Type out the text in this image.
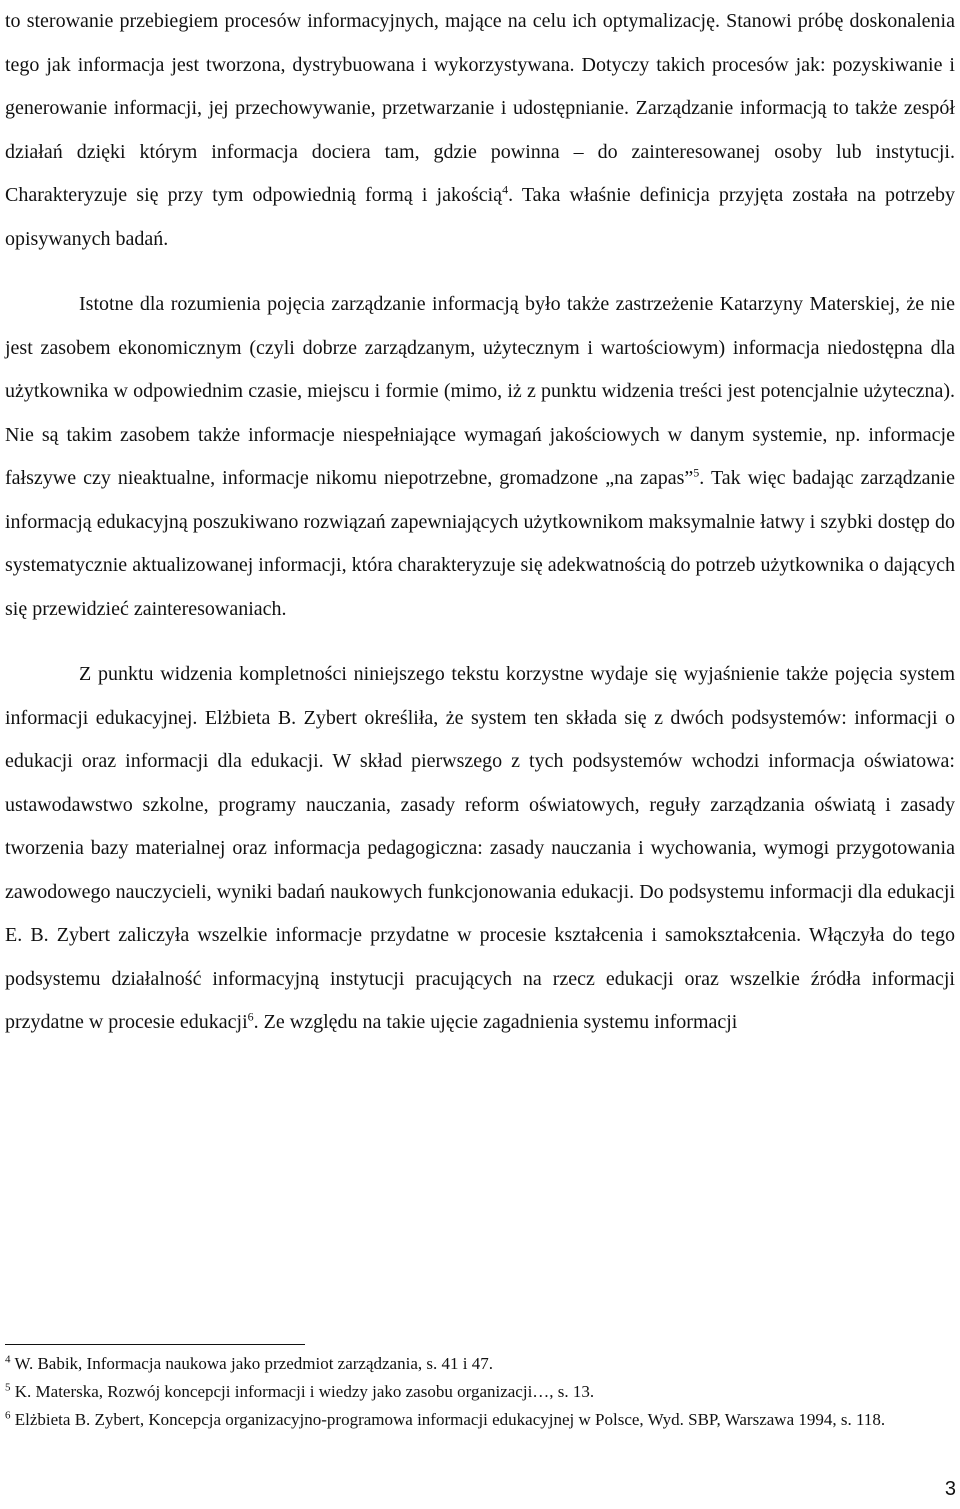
to sterowanie przebiegiem procesów informacyjnych, mające na celu ich optymalizację. Stanowi próbę doskonalenia tego jak informacja jest tworzona, dystrybuowana i wykorzystywana. Dotyczy takich procesów jak: pozyskiwanie i generowanie informacji, jej przechowywanie, przetwarzanie i udostępnianie. Zarządzanie informacją to także zespół działań dzięki którym informacja dociera tam, gdzie powinna – do zainteresowanej osoby lub instytucji. Charakteryzuje się przy tym odpowiednią formą i jakością$^4$. Taka właśnie definicja przyjęta została na potrzeby opisywanych badań.

Istotne dla rozumienia pojęcia zarządzanie informacją było także zastrzeżenie Katarzyny Materskiej, że nie jest zasobem ekonomicznym (czyli dobrze zarządzanym, użytecznym i wartościowym) informacja niedostępna dla użytkownika w odpowiednim czasie, miejscu i formie (mimo, iż z punktu widzenia treści jest potencjalnie użyteczna). Nie są takim zasobem także informacje niespełniające wymagań jakościowych w danym systemie, np. informacje fałszywe czy nieaktualne, informacje nikomu niepotrzebne, gromadzone „na zapas”$^5$. Tak więc badając zarządzanie informacją edukacyjną poszukiwano rozwiązań zapewniających użytkownikom maksymalnie łatwy i szybki dostęp do systematycznie aktualizowanej informacji, która charakteryzuje się adekwatnością do potrzeb użytkownika o dających się przewidzieć zainteresowaniach.

Z punktu widzenia kompletności niniejszego tekstu korzystne wydaje się wyjaśnienie także pojęcia system informacji edukacyjnej. Elżbieta B. Zybert określiła, że system ten składa się z dwóch podsystemów: informacji o edukacji oraz informacji dla edukacji. W skład pierwszego z tych podsystemów wchodzi informacja oświatowa: ustawodawstwo szkolne, programy nauczania, zasady reform oświatowych, reguły zarządzania oświatą i zasady tworzenia bazy materialnej oraz informacja pedagogiczna: zasady nauczania i wychowania, wymogi przygotowania zawodowego nauczycieli, wyniki badań naukowych funkcjonowania edukacji. Do podsystemu informacji dla edukacji E. B. Zybert zaliczyła wszelkie informacje przydatne w procesie kształcenia i samokształcenia. Włączyła do tego podsystemu działalność informacyjną instytucji pracujących na rzecz edukacji oraz wszelkie źródła informacji przydatne w procesie edukacji$^6$. Ze względu na takie ujęcie zagadnienia systemu informacji

$^4$ W. Babik, Informacja naukowa jako przedmiot zarządzania, s. 41 i 47.

$^5$ K. Materska, Rozwój koncepcji informacji i wiedzy jako zasobu organizacji…, s. 13.

$^6$ Elżbieta B. Zybert, Koncepcja organizacyjno-programowa informacji edukacyjnej w Polsce, Wyd. SBP, Warszawa 1994, s. 118.

3
